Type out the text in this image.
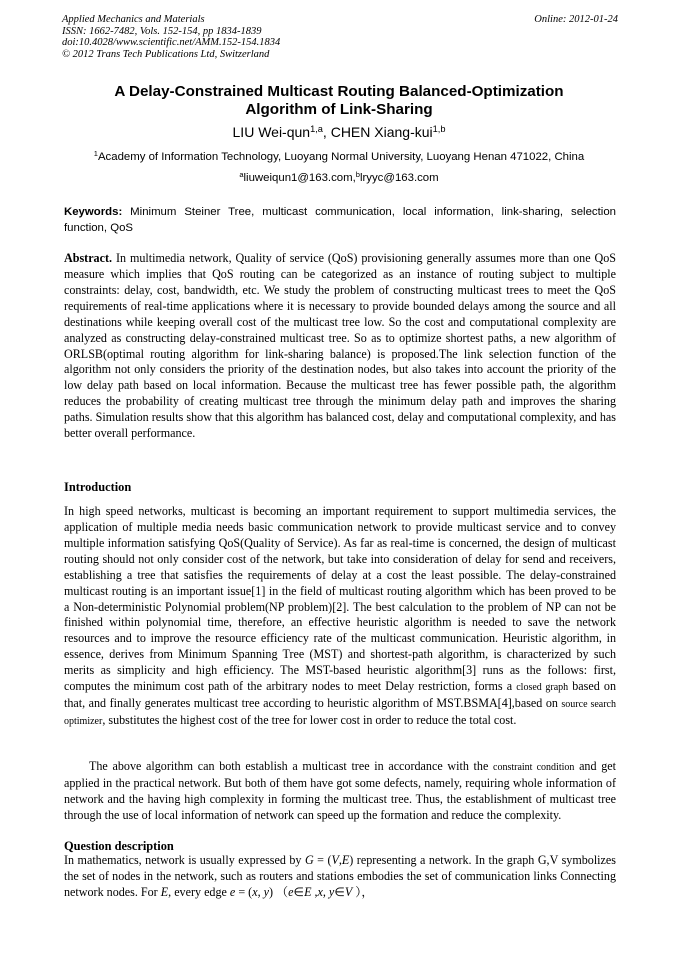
Applied Mechanics and Materials
ISSN: 1662-7482, Vols. 152-154, pp 1834-1839
doi:10.4028/www.scientific.net/AMM.152-154.1834
© 2012 Trans Tech Publications Ltd, Switzerland
Online: 2012-01-24
A Delay-Constrained Multicast Routing Balanced-Optimization
Algorithm of Link-Sharing
LIU Wei-qun$^{1,a}$, CHEN Xiang-kui$^{1,b}$
$^1$Academy of Information Technology, Luoyang Normal University, Luoyang Henan 471022, China
$^a$liuweiqun1@163.com,$^b$lryyc@163.com
Keywords: Minimum Steiner Tree, multicast communication, local information, link-sharing, selection function, QoS

Abstract. In multimedia network, Quality of service (QoS) provisioning generally assumes more than one QoS measure which implies that QoS routing can be categorized as an instance of routing subject to multiple constraints: delay, cost, bandwidth, etc. We study the problem of constructing multicast trees to meet the QoS requirements of real-time applications where it is necessary to provide bounded delays among the source and all destinations while keeping overall cost of the multicast tree low. So the cost and computational complexity are analyzed as constructing delay-constrained multicast tree. So as to optimize shortest paths, a new algorithm of ORLSB(optimal routing algorithm for link-sharing balance) is proposed.The link selection function of the algorithm not only considers the priority of the destination nodes, but also takes into account the priority of the low delay path based on local information. Because the multicast tree has fewer possible path, the algorithm reduces the probability of creating multicast tree through the minimum delay path and improves the sharing paths. Simulation results show that this algorithm has balanced cost, delay and computational complexity, and has better overall performance.

Introduction

In high speed networks, multicast is becoming an important requirement to support multimedia services, the application of multiple media needs basic communication network to provide multicast service and to convey multiple information satisfying QoS(Quality of Service). As far as real-time is concerned, the design of multicast routing should not only consider cost of the network, but take into consideration of delay for send and receivers, establishing a tree that satisfies the requirements of delay at a cost the least possible. The delay-constrained multicast routing is an important issue[1] in the field of multicast routing algorithm which has been proved to be a Non-deterministic Polynomial problem(NP problem)[2]. The best calculation to the problem of NP can not be finished within polynomial time, therefore, an effective heuristic algorithm is needed to save the network resources and to improve the resource efficiency rate of the multicast communication. Heuristic algorithm, in essence, derives from Minimum Spanning Tree (MST) and shortest-path algorithm, is characterized by such merits as simplicity and high efficiency. The MST-based heuristic algorithm[3] runs as the follows: first, computes the minimum cost path of the arbitrary nodes to meet Delay restriction, forms a closed graph based on that, and finally generates multicast tree according to heuristic algorithm of MST.BSMA[4],based on source search optimizer, substitutes the highest cost of the tree for lower cost in order to reduce the total cost.

The above algorithm can both establish a multicast tree in accordance with the constraint condition and get applied in the practical network. But both of them have got some defects, namely, requiring whole information of network and the having high complexity in forming the multicast tree. Thus, the establishment of multicast tree through the use of local information of network can speed up the formation and reduce the complexity.

Question description

In mathematics, network is usually expressed by G = (V,E) representing a network. In the graph G,V symbolizes the set of nodes in the network, such as routers and stations embodies the set of communication links Connecting network nodes. For E, every edge e = (x, y) （e∈E ,x, y∈V ），
